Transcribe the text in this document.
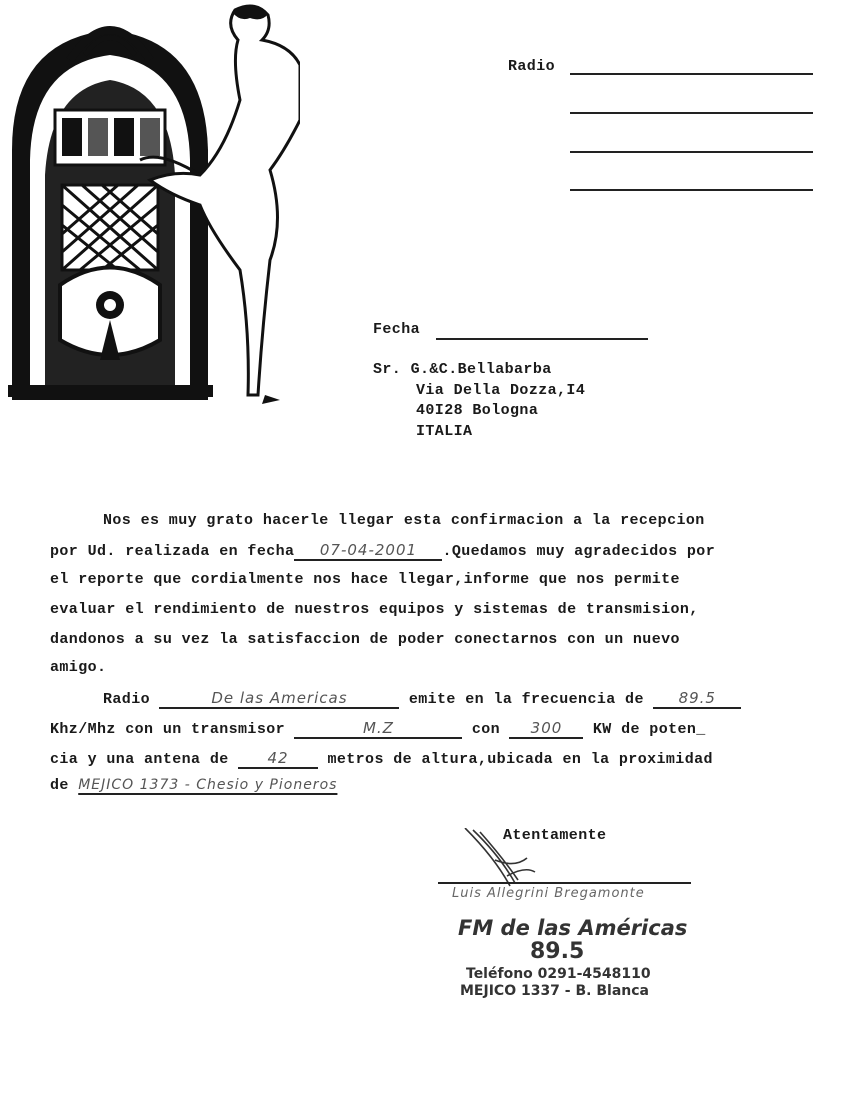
Radio
Fecha
Sr. G.&C.Bellabarba
Via Della Dozza,I4
40I28 Bologna
ITALIA
Nos es muy grato hacerle llegar esta confirmacion a la recepcion
por Ud. realizada en fecha 07-04-2001 .Quedamos muy agradecidos por
el reporte que cordialmente nos hace llegar,informe que nos permite
evaluar el rendimiento de nuestros equipos y sistemas de transmision,
dandonos a su vez la satisfaccion de poder conectarnos con un nuevo
amigo.
Radio	De las Americas	emite en la frecuencia de 89.5
Khz/Mhz con un transmisor	M.Z	con 300 KW de poten_
cia y una antena de	42	metros de altura,ubicada en la proximidad
de MEJICO 1373 - Chesio y Pioneros
Atentamente
Luis Allegrini Bregamonte
FM de las Américas
89.5
Teléfono 0291-4548110
MEJICO 1337 - B. Blanca
